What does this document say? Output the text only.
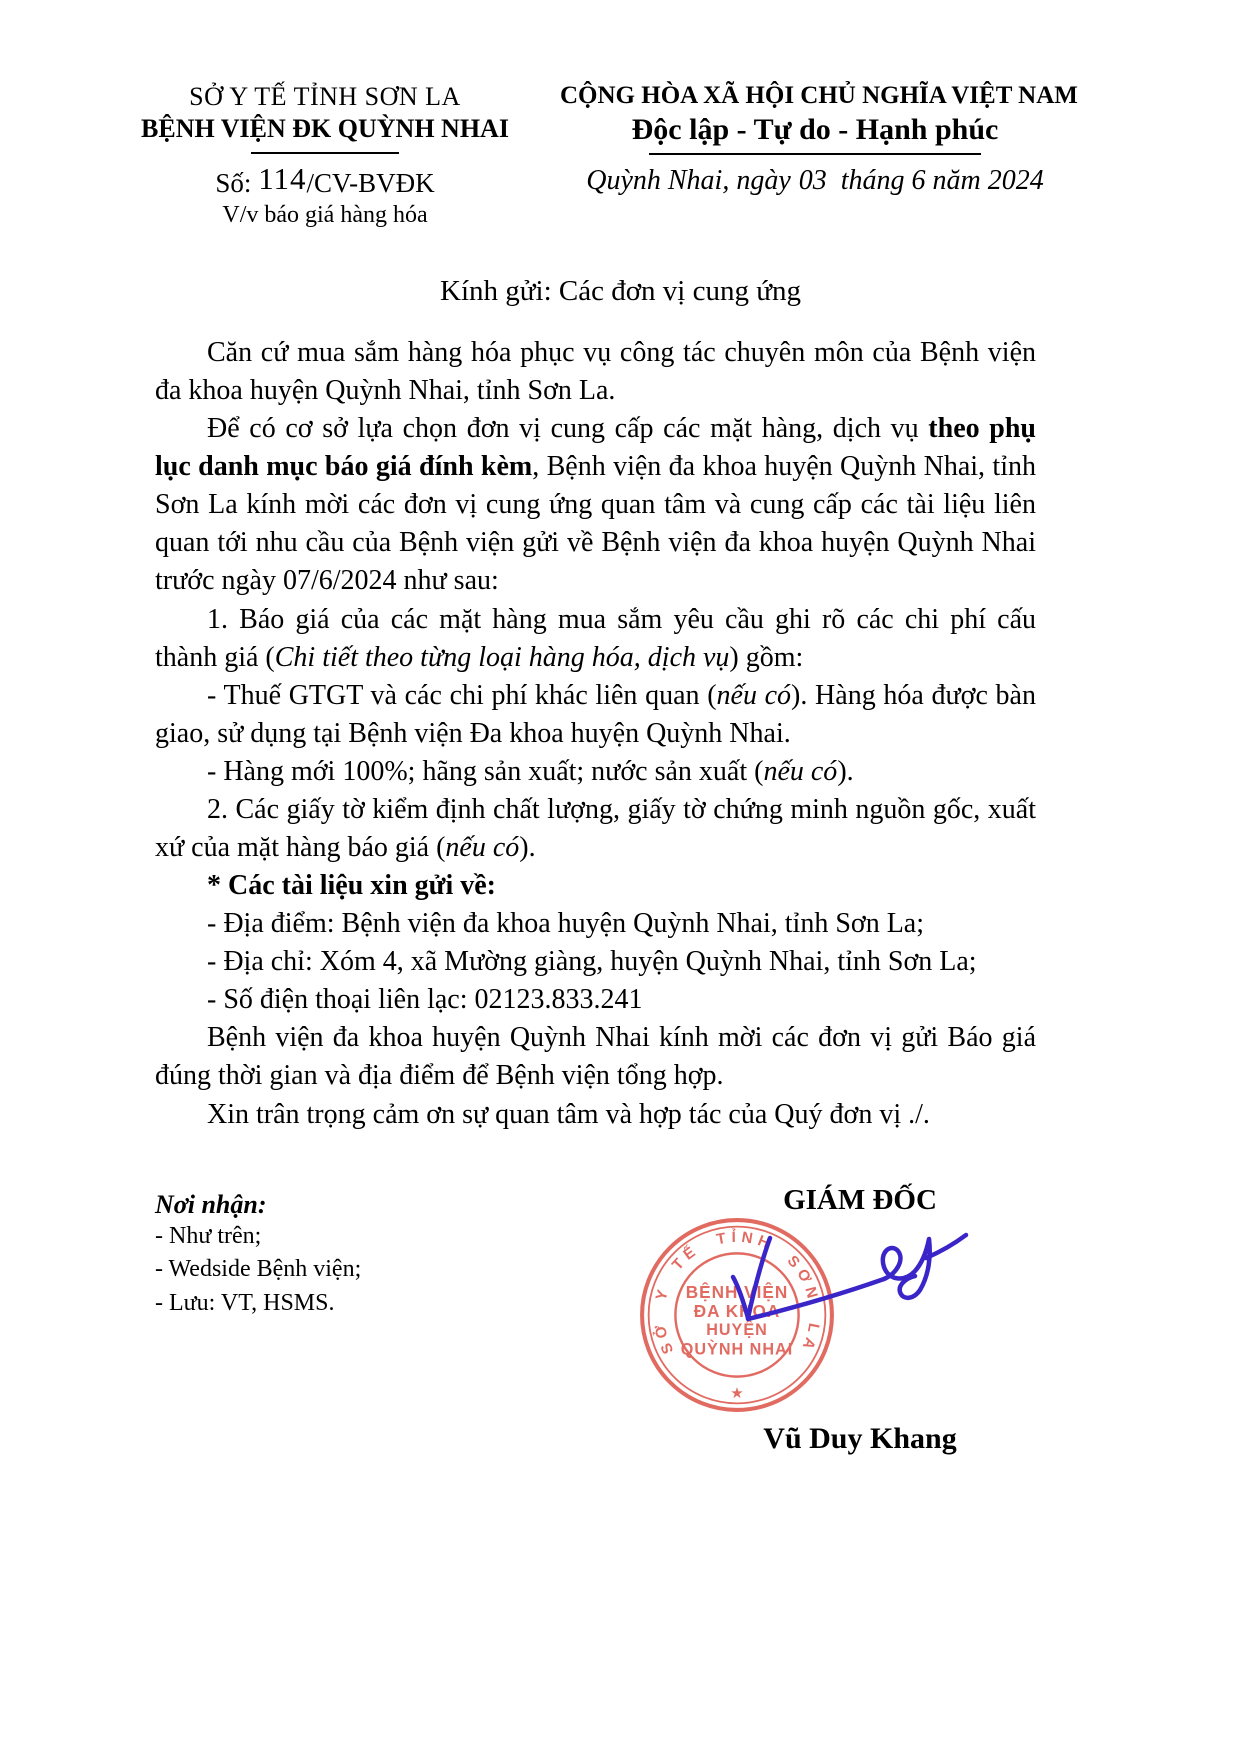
SỞ Y TẾ TỈNH SƠN LA
BỆNH VIỆN ĐK QUỲNH NHAI
Số: 114/CV-BVĐK
V/v báo giá hàng hóa
CỘNG HÒA XÃ HỘI CHỦ NGHĨA VIỆT NAM
Độc lập - Tự do - Hạnh phúc
Quỳnh Nhai, ngày 03 tháng 6 năm 2024
Kính gửi: Các đơn vị cung ứng

Căn cứ mua sắm hàng hóa phục vụ công tác chuyên môn của Bệnh viện đa khoa huyện Quỳnh Nhai, tỉnh Sơn La.

Để có cơ sở lựa chọn đơn vị cung cấp các mặt hàng, dịch vụ theo phụ lục danh mục báo giá đính kèm, Bệnh viện đa khoa huyện Quỳnh Nhai, tỉnh Sơn La kính mời các đơn vị cung ứng quan tâm và cung cấp các tài liệu liên quan tới nhu cầu của Bệnh viện gửi về Bệnh viện đa khoa huyện Quỳnh Nhai trước ngày 07/6/2024 như sau:

1. Báo giá của các mặt hàng mua sắm yêu cầu ghi rõ các chi phí cấu thành giá (Chi tiết theo từng loại hàng hóa, dịch vụ) gồm:

- Thuế GTGT và các chi phí khác liên quan (nếu có). Hàng hóa được bàn giao, sử dụng tại Bệnh viện Đa khoa huyện Quỳnh Nhai.

- Hàng mới 100%; hãng sản xuất; nước sản xuất (nếu có).

2. Các giấy tờ kiểm định chất lượng, giấy tờ chứng minh nguồn gốc, xuất xứ của mặt hàng báo giá (nếu có).

* Các tài liệu xin gửi về:

- Địa điểm: Bệnh viện đa khoa huyện Quỳnh Nhai, tỉnh Sơn La;

- Địa chỉ: Xóm 4, xã Mường giàng, huyện Quỳnh Nhai, tỉnh Sơn La;

- Số điện thoại liên lạc: 02123.833.241

Bệnh viện đa khoa huyện Quỳnh Nhai kính mời các đơn vị gửi Báo giá đúng thời gian và địa điểm để Bệnh viện tổng hợp.

Xin trân trọng cảm ơn sự quan tâm và hợp tác của Quý đơn vị ./.

Nơi nhận:
- Như trên;
- Wedside Bệnh viện;
- Lưu: VT, HSMS.
GIÁM ĐỐC
SỞ Y TẾ TỈNH SƠN LA
BỆNH VIỆN
ĐA KHOA
HUYỆN
QUỲNH NHAI
★
Vũ Duy Khang
